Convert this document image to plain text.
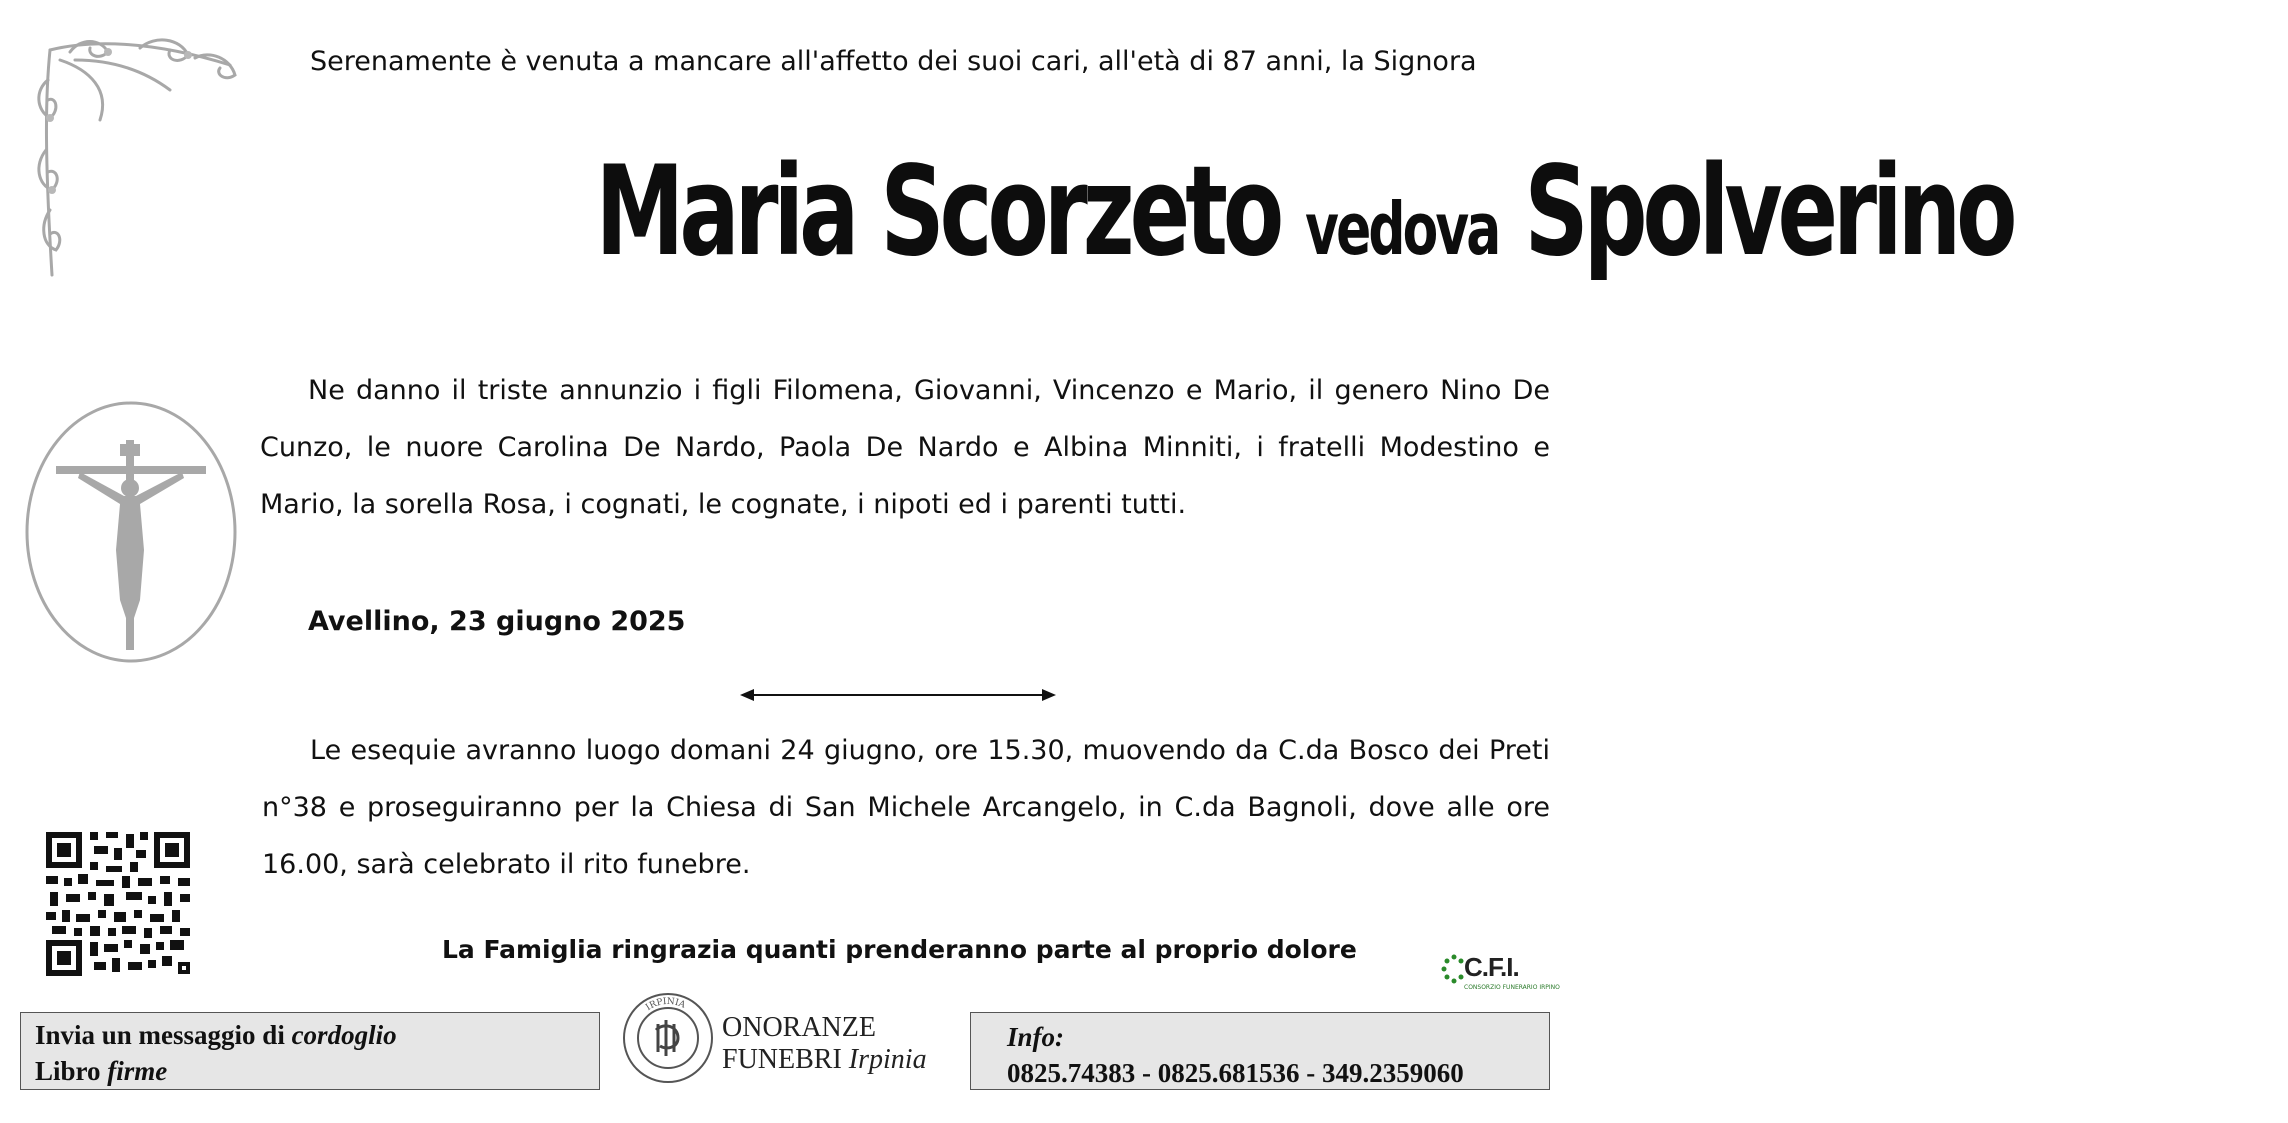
Serenamente è venuta a mancare all'affetto dei suoi cari, all'età di 87 anni, la Signora
Maria Scorzeto vedova Spolverino
Ne danno il triste annunzio i figli Filomena, Giovanni, Vincenzo e Mario, il genero Nino De Cunzo, le nuore Carolina De Nardo, Paola De Nardo e Albina Minniti, i fratelli Modestino e Mario, la sorella Rosa, i cognati, le cognate, i nipoti ed i parenti tutti.
Avellino, 23 giugno 2025
Le esequie avranno luogo domani 24 giugno, ore 15.30, muovendo da C.da Bosco dei Preti n°38 e proseguiranno per la Chiesa di San Michele Arcangelo, in C.da Bagnoli, dove alle ore 16.00, sarà celebrato il rito funebre.
La Famiglia ringrazia quanti prenderanno parte al proprio dolore
C.F.I.
CONSORZIO FUNERARIO IRPINO
Invia un messaggio di cordoglio
Libro firme
IRPINIA
ONORANZE
FUNEBRI Irpinia
Info:
0825.74383 - 0825.681536 - 349.2359060
